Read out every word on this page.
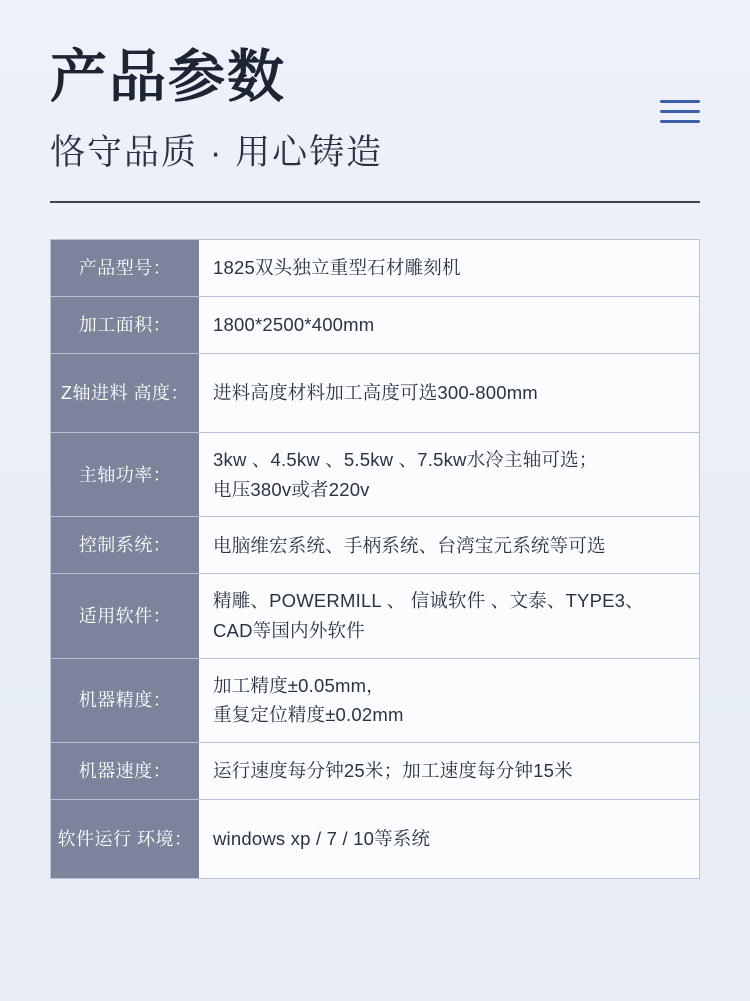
产品参数
恪守品质 · 用心铸造
产品型号：	1825双头独立重型石材雕刻机
加工面积：	1800*2500*400mm
Z轴进料 高度： 进料高度材料加工高度可选300-800mm
主轴功率：
3kw 、4.5kw 、5.5kw 、7.5kw水冷主轴可选；
电压380v或者220v
控制系统：	电脑维宏系统、手柄系统、台湾宝元系统等可选
适用软件：
精雕、POWERMILL 、 信诚软件 、文泰、TYPE3、
CAD等国内外软件
机器精度：
加工精度±0.05mm，
重复定位精度±0.02mm
机器速度：	运行速度每分钟25米；加工速度每分钟15米
软件运行 环境： windows xp / 7 / 10等系统
